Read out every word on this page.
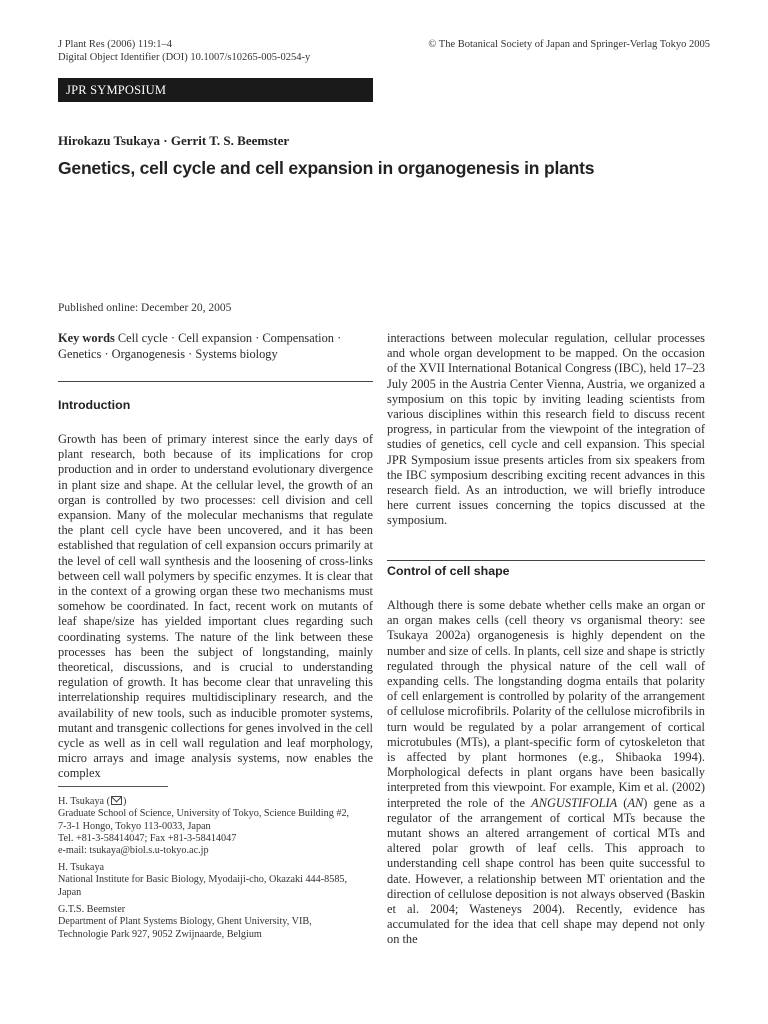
J Plant Res (2006) 119:1–4
Digital Object Identifier (DOI) 10.1007/s10265-005-0254-y
© The Botanical Society of Japan and Springer-Verlag Tokyo 2005
JPR SYMPOSIUM
Hirokazu Tsukaya · Gerrit T. S. Beemster
Genetics, cell cycle and cell expansion in organogenesis in plants
Published online: December 20, 2005
Key words Cell cycle · Cell expansion · Compensation · Genetics · Organogenesis · Systems biology
Introduction
Growth has been of primary interest since the early days of plant research, both because of its implications for crop production and in order to understand evolutionary divergence in plant size and shape. At the cellular level, the growth of an organ is controlled by two processes: cell division and cell expansion. Many of the molecular mechanisms that regulate the plant cell cycle have been uncovered, and it has been established that regulation of cell expansion occurs primarily at the level of cell wall synthesis and the loosening of cross-links between cell wall polymers by specific enzymes. It is clear that in the context of a growing organ these two mechanisms must somehow be coordinated. In fact, recent work on mutants of leaf shape/size has yielded important clues regarding such coordinating systems. The nature of the link between these processes has been the subject of longstanding, mainly theoretical, discussions, and is crucial to understanding regulation of growth. It has become clear that unraveling this interrelationship requires multidisciplinary research, and the availability of new tools, such as inducible promoter systems, mutant and transgenic collections for genes involved in the cell cycle as well as in cell wall regulation and leaf morphology, micro arrays and image analysis systems, now enables the complex
interactions between molecular regulation, cellular processes and whole organ development to be mapped. On the occasion of the XVII International Botanical Congress (IBC), held 17–23 July 2005 in the Austria Center Vienna, Austria, we organized a symposium on this topic by inviting leading scientists from various disciplines within this research field to discuss recent progress, in particular from the viewpoint of the integration of studies of genetics, cell cycle and cell expansion. This special JPR Symposium issue presents articles from six speakers from the IBC symposium describing exciting recent advances in this research field. As an introduction, we will briefly introduce here current issues concerning the topics discussed at the symposium.
Control of cell shape
Although there is some debate whether cells make an organ or an organ makes cells (cell theory vs organismal theory: see Tsukaya 2002a) organogenesis is highly dependent on the number and size of cells. In plants, cell size and shape is strictly regulated through the physical nature of the cell wall of expanding cells. The longstanding dogma entails that polarity of cell enlargement is controlled by polarity of the arrangement of cellulose microfibrils. Polarity of the cellulose microfibrils in turn would be regulated by a polar arrangement of cortical microtubules (MTs), a plant-specific form of cytoskeleton that is affected by plant hormones (e.g., Shibaoka 1994). Morphological defects in plant organs have been basically interpreted from this viewpoint. For example, Kim et al. (2002) interpreted the role of the ANGUSTIFOLIA (AN) gene as a regulator of the arrangement of cortical MTs because the mutant shows an altered arrangement of cortical MTs and altered polar growth of leaf cells. This approach to understanding cell shape control has been quite successful to date. However, a relationship between MT orientation and the direction of cellulose deposition is not always observed (Baskin et al. 2004; Wasteneys 2004). Recently, evidence has accumulated for the idea that cell shape may depend not only on the
H. Tsukaya ( )
Graduate School of Science, University of Tokyo, Science Building #2,
7-3-1 Hongo, Tokyo 113-0033, Japan
Tel. +81-3-58414047; Fax +81-3-58414047
e-mail: tsukaya@biol.s.u-tokyo.ac.jp
H. Tsukaya
National Institute for Basic Biology, Myodaiji-cho, Okazaki 444-8585,
Japan
G.T.S. Beemster
Department of Plant Systems Biology, Ghent University, VIB,
Technologie Park 927, 9052 Zwijnaarde, Belgium
